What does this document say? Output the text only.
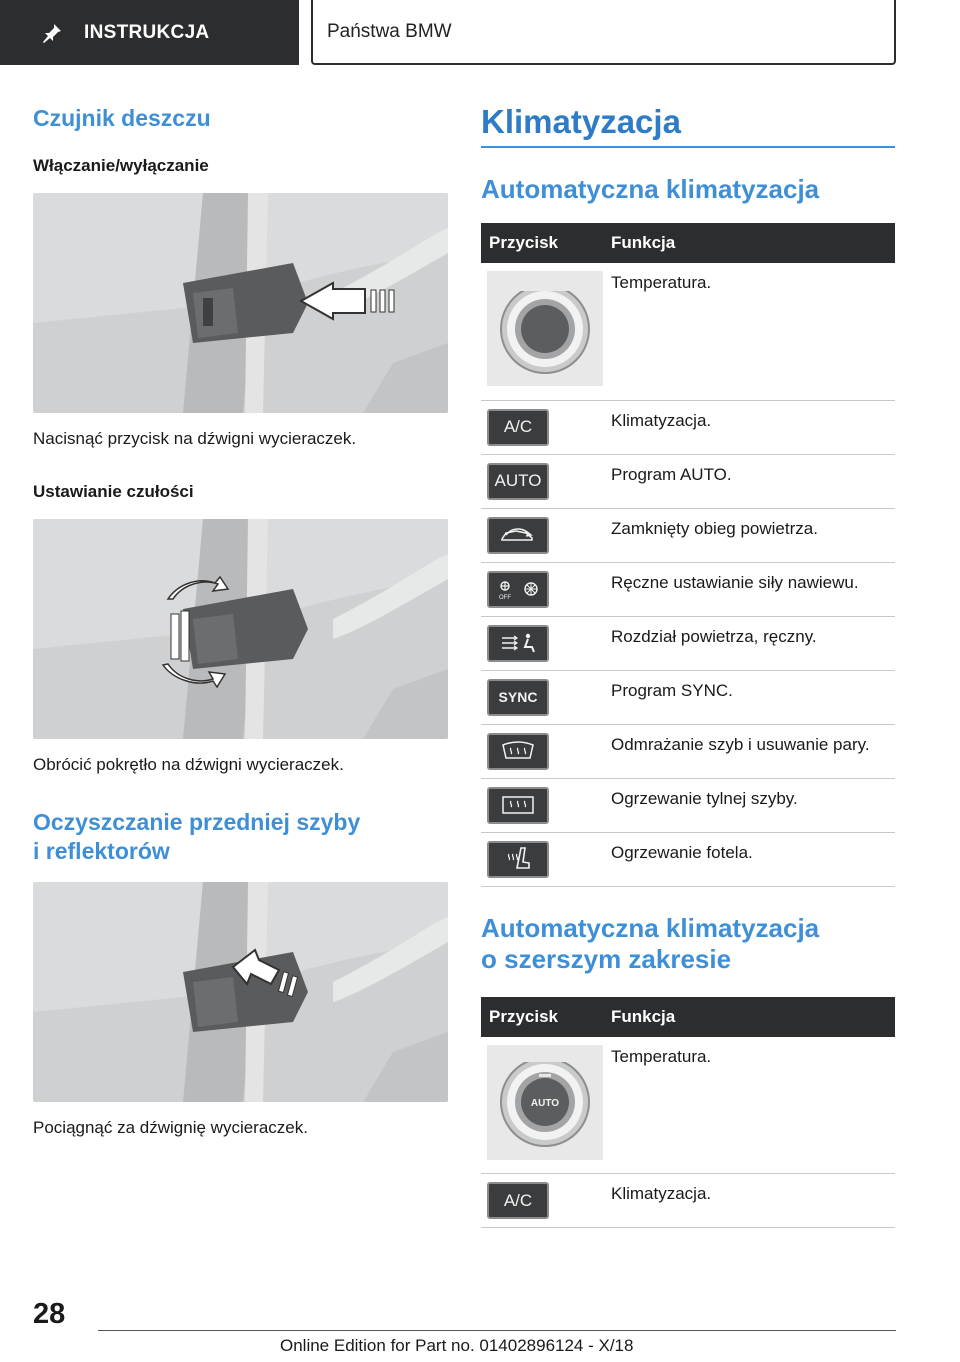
INSTRUKCJA	Państwa BMW
Czujnik deszczu
Włączanie/wyłączanie
Nacisnąć przycisk na dźwigni wycieraczek.
Ustawianie czułości
Obrócić pokrętło na dźwigni wycieraczek.
Oczyszczanie przedniej szyby
i reflektorów
Pociągnąć za dźwignię wycieraczek.
Klimatyzacja
Automatyczna klimatyzacja
Przycisk	Funkcja

	Temperatura.

A/C	Klimatyzacja.

AUTO	Program AUTO.

	Zamknięty obieg powietrza.

OFF	Ręczne ustawianie siły nawiewu.

	Rozdział powietrza, ręczny.

SYNC	Program SYNC.

	Odmrażanie szyb i usuwanie pary.

	Ogrzewanie tylnej szyby.

	Ogrzewanie fotela.
Automatyczna klimatyzacja
o szerszym zakresie
Przycisk	Funkcja

AUTO	Temperatura.

A/C	Klimatyzacja.
28
Online Edition for Part no. 01402896124 - X/18
